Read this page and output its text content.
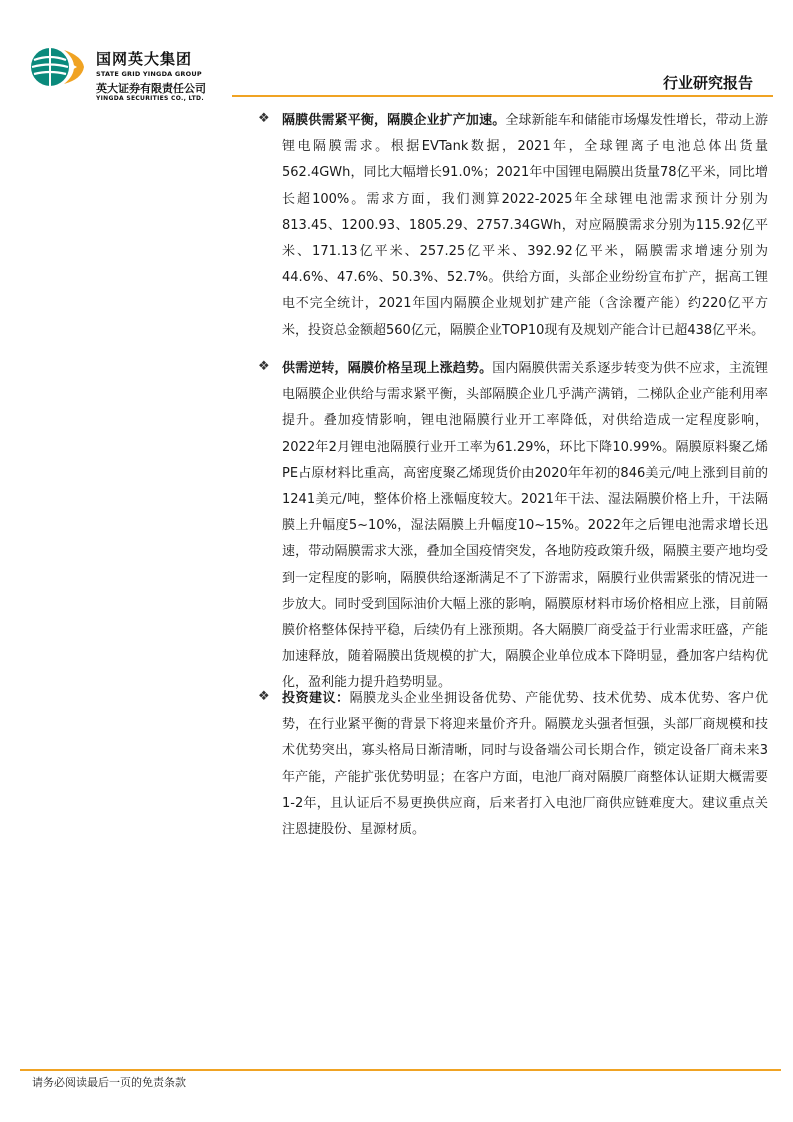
国网英大集团
STATE GRID YINGDA GROUP
英大证券有限责任公司
YINGDA SECURITIES CO., LTD.
行业研究报告
❖ 隔膜供需紧平衡，隔膜企业扩产加速。全球新能车和储能市场爆发性增长，带动上游锂电隔膜需求。根据EVTank数据，2021年，全球锂离子电池总体出货量562.4GWh，同比大幅增长91.0%；2021年中国锂电隔膜出货量78亿平米，同比增长超100%。需求方面，我们测算2022-2025年全球锂电池需求预计分别为813.45、1200.93、1805.29、2757.34GWh，对应隔膜需求分别为115.92亿平米、171.13亿平米、257.25亿平米、392.92亿平米，隔膜需求增速分别为44.6%、47.6%、50.3%、52.7%。供给方面，头部企业纷纷宣布扩产，据高工锂电不完全统计，2021年国内隔膜企业规划扩建产能（含涂覆产能）约220亿平方米，投资总金额超560亿元，隔膜企业TOP10现有及规划产能合计已超438亿平米。
❖ 供需逆转，隔膜价格呈现上涨趋势。国内隔膜供需关系逐步转变为供不应求，主流锂电隔膜企业供给与需求紧平衡，头部隔膜企业几乎满产满销，二梯队企业产能利用率提升。叠加疫情影响，锂电池隔膜行业开工率降低，对供给造成一定程度影响，2022年2月锂电池隔膜行业开工率为61.29%，环比下降10.99%。隔膜原料聚乙烯PE占原材料比重高，高密度聚乙烯现货价由2020年年初的846美元/吨上涨到目前的1241美元/吨，整体价格上涨幅度较大。2021年干法、湿法隔膜价格上升，干法隔膜上升幅度5~10%，湿法隔膜上升幅度10~15%。2022年之后锂电池需求增长迅速，带动隔膜需求大涨，叠加全国疫情突发，各地防疫政策升级，隔膜主要产地均受到一定程度的影响，隔膜供给逐渐满足不了下游需求，隔膜行业供需紧张的情况进一步放大。同时受到国际油价大幅上涨的影响，隔膜原材料市场价格相应上涨，目前隔膜价格整体保持平稳，后续仍有上涨预期。各大隔膜厂商受益于行业需求旺盛，产能加速释放，随着隔膜出货规模的扩大，隔膜企业单位成本下降明显，叠加客户结构优化，盈利能力提升趋势明显。
❖ 投资建议：隔膜龙头企业坐拥设备优势、产能优势、技术优势、成本优势、客户优势，在行业紧平衡的背景下将迎来量价齐升。隔膜龙头强者恒强，头部厂商规模和技术优势突出，寡头格局日渐清晰，同时与设备端公司长期合作，锁定设备厂商未来3年产能，产能扩张优势明显；在客户方面，电池厂商对隔膜厂商整体认证期大概需要1-2年，且认证后不易更换供应商，后来者打入电池厂商供应链难度大。建议重点关注恩捷股份、星源材质。
请务必阅读最后一页的免责条款
